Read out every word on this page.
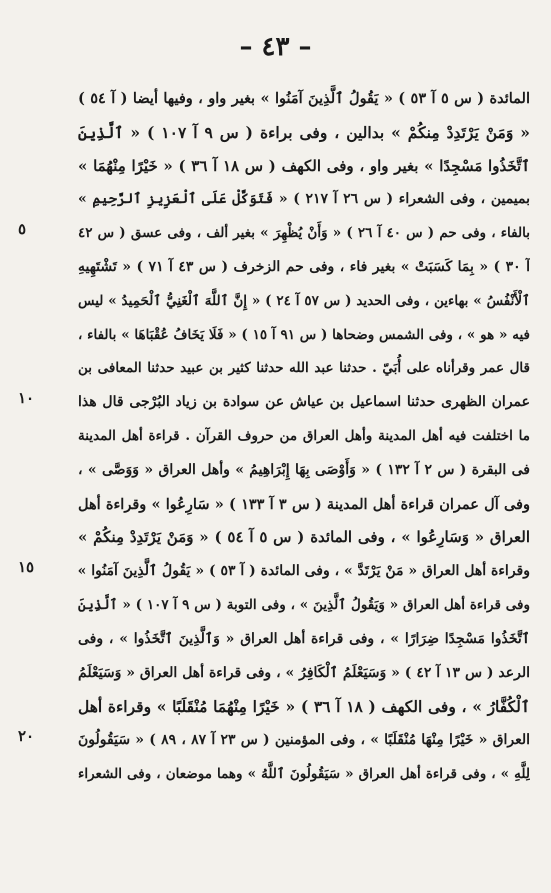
– ٤٣ –
المائدة ( س ٥ آ ٥٣ ) « يَقُولُ ٱلَّذِينَ آمَنُوا » بغير واو ، وفيها أيضا ( آ ٥٤ )
« وَمَنْ يَرْتَدِدْ مِنكُمْ » بدالين ، وفى براءة ( س ٩ آ ١٠٧ ) « ٱلَّذِينَ
ٱتَّخَذُوا مَسْجِدًا » بغير واو ، وفى الكهف ( س ١٨ آ ٣٦ ) « خَيْرًا مِنْهُمَا »
بميمين ، وفى الشعراء ( س ٢٦ آ ٢١٧ ) « فَتَوَكَّلْ عَلَى ٱلْعَزِيزِ ٱلرَّحِيمِ »
بالفاء ، وفى حم ( س ٤٠ آ ٢٦ ) « وَأَنْ يُظْهِرَ » بغير ألف ، وفى عسق ( س ٤٢
آ ٣٠ ) « بِمَا كَسَبَتْ » بغير فاء ، وفى حم الزخرف ( س ٤٣ آ ٧١ ) « تَشْتَهِيهِ
ٱلْأَنْفُسُ » بهاءين ، وفى الحديد ( س ٥٧ آ ٢٤ ) « إِنَّ ٱللَّهَ ٱلْغَنِيُّ ٱلْحَمِيدُ » ليس
فيه « هو » ، وفى الشمس وضحاها ( س ٩١ آ ١٥ ) « فَلَا يَخَافُ عُقْبَاهَا » بالفاء ،
قال عمر وقرأناه على أُبَيّ . حدثنا عبد الله حدثنا كثير بن عبيد حدثنا المعافى بن
عمران الظهرى حدثنا اسماعيل بن عياش عن سوادة بن زياد البُرْجى قال هذا
ما اختلفت فيه أهل المدينة وأهل العراق من حروف القرآن . قراءة أهل المدينة
فى البقرة ( س ٢ آ ١٣٢ ) « وَأَوْصَى بِهَا إِبْرَاهِيمُ » وأهل العراق « وَوَصَّى » ،
وفى آل عمران قراءة أهل المدينة ( س ٣ آ ١٣٣ ) « سَارِعُوا » وقراءة أهل
العراق « وَسَارِعُوا » ، وفى المائدة ( س ٥ آ ٥٤ ) « وَمَنْ يَرْتَدِدْ مِنكُمْ »
وقراءة أهل العراق « مَنْ يَرْتَدَّ » ، وفى المائدة ( آ ٥٣ ) « يَقُولُ ٱلَّذِينَ آمَنُوا »
وفى قراءة أهل العراق « وَيَقُولُ ٱلَّذِينَ » ، وفى التوبة ( س ٩ آ ١٠٧ ) « ٱلَّذِينَ
ٱتَّخَذُوا مَسْجِدًا ضِرَارًا » ، وفى قراءة أهل العراق « وَٱلَّذِينَ ٱتَّخَذُوا » ، وفى
الرعد ( س ١٣ آ ٤٢ ) « وَسَيَعْلَمُ ٱلْكَافِرُ » ، وفى قراءة أهل العراق « وَسَيَعْلَمُ
ٱلْكُفَّارُ » ، وفى الكهف ( ١٨ آ ٣٦ ) « خَيْرًا مِنْهُمَا مُنْقَلَبًا » وقراءة أهل
العراق « خَيْرًا مِنْهَا مُنْقَلَبًا » ، وفى المؤمنين ( س ٢٣ آ ٨٧ ، ٨٩ ) « سَيَقُولُونَ
لِلَّهِ » ، وفى قراءة أهل العراق « سَيَقُولُونَ ٱللَّهُ » وهما موضعان ، وفى الشعراء
٥
١٠
١٥
٢٠
